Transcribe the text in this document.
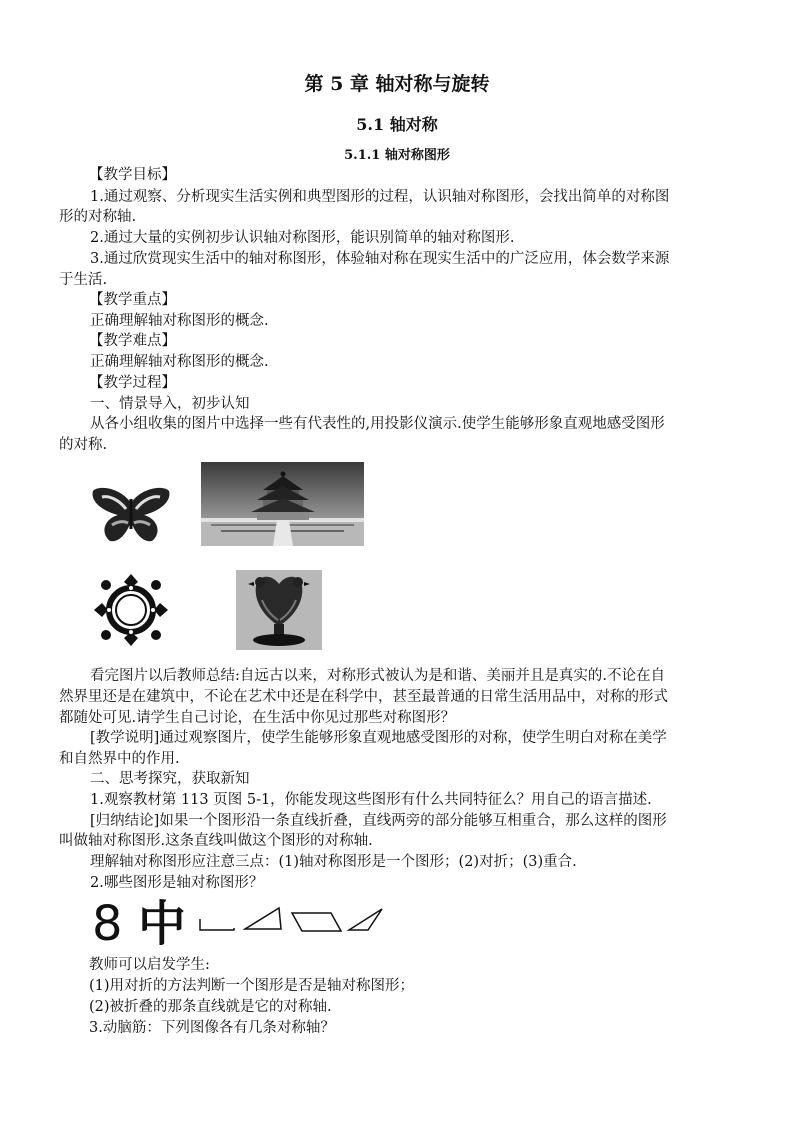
第 5 章 轴对称与旋转
5.1 轴对称
5.1.1 轴对称图形
【教学目标】
1.通过观察、分析现实生活实例和典型图形的过程，认识轴对称图形，会找出简单的对称图
形的对称轴.
2.通过大量的实例初步认识轴对称图形，能识别简单的轴对称图形.
3.通过欣赏现实生活中的轴对称图形，体验轴对称在现实生活中的广泛应用，体会数学来源
于生活.
【教学重点】
正确理解轴对称图形的概念.
【教学难点】
正确理解轴对称图形的概念.
【教学过程】
一、情景导入，初步认知
从各小组收集的图片中选择一些有代表性的,用投影仪演示.使学生能够形象直观地感受图形
的对称.
看完图片以后教师总结:自远古以来，对称形式被认为是和谐、美丽并且是真实的.不论在自
然界里还是在建筑中，不论在艺术中还是在科学中，甚至最普通的日常生活用品中，对称的形式
都随处可见.请学生自己讨论，在生活中你见过那些对称图形？
[教学说明]通过观察图片，使学生能够形象直观地感受图形的对称，使学生明白对称在美学
和自然界中的作用.
二、思考探究，获取新知
1.观察教材第 113 页图 5-1，你能发现这些图形有什么共同特征么？用自己的语言描述.
[归纳结论]如果一个图形沿一条直线折叠，直线两旁的部分能够互相重合，那么这样的图形
叫做轴对称图形.这条直线叫做这个图形的对称轴.
理解轴对称图形应注意三点：(1)轴对称图形是一个图形；(2)对折；(3)重合.
2.哪些图形是轴对称图形？
8 中
教师可以启发学生:
(1)用对折的方法判断一个图形是否是轴对称图形；
(2)被折叠的那条直线就是它的对称轴.
3.动脑筋：下列图像各有几条对称轴？
